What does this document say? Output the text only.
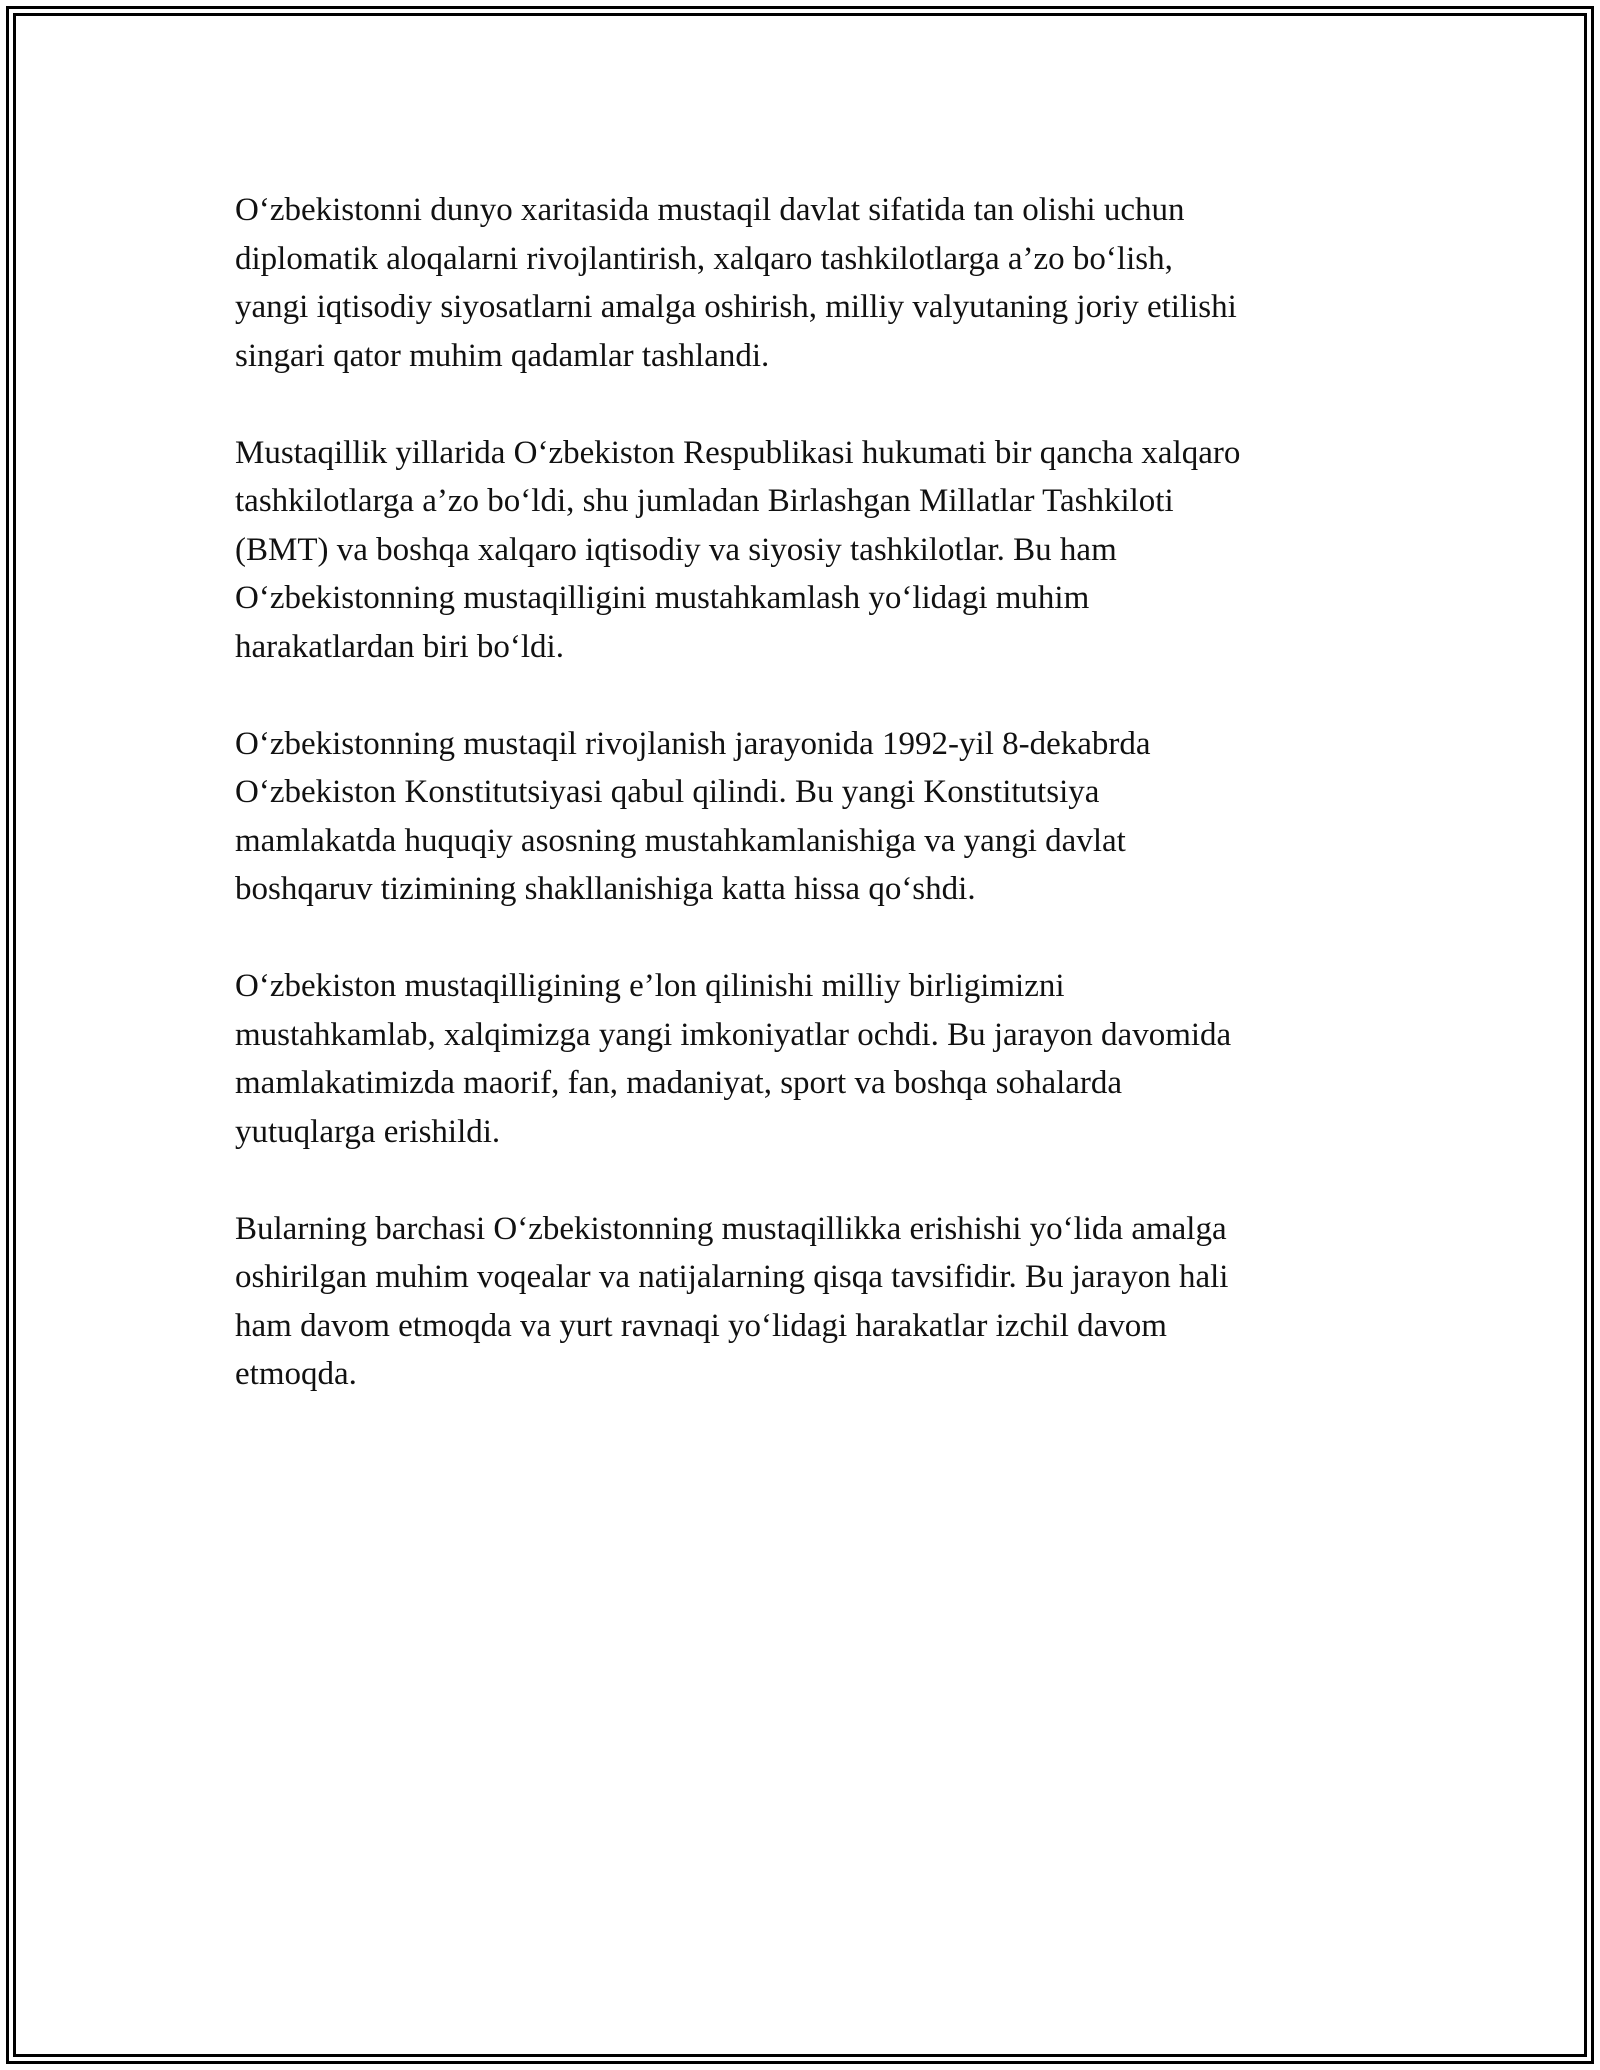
O‘zbekistonni dunyo xaritasida mustaqil davlat sifatida tan olishi uchun
diplomatik aloqalarni rivojlantirish, xalqaro tashkilotlarga a’zo bo‘lish,
yangi iqtisodiy siyosatlarni amalga oshirish, milliy valyutaning joriy etilishi
singari qator muhim qadamlar tashlandi.

Mustaqillik yillarida O‘zbekiston Respublikasi hukumati bir qancha xalqaro
tashkilotlarga a’zo bo‘ldi, shu jumladan Birlashgan Millatlar Tashkiloti
(BMT) va boshqa xalqaro iqtisodiy va siyosiy tashkilotlar. Bu ham
O‘zbekistonning mustaqilligini mustahkamlash yo‘lidagi muhim
harakatlardan biri bo‘ldi.

O‘zbekistonning mustaqil rivojlanish jarayonida 1992-yil 8-dekabrda
O‘zbekiston Konstitutsiyasi qabul qilindi. Bu yangi Konstitutsiya
mamlakatda huquqiy asosning mustahkamlanishiga va yangi davlat
boshqaruv tizimining shakllanishiga katta hissa qo‘shdi.

O‘zbekiston mustaqilligining e’lon qilinishi milliy birligimizni
mustahkamlab, xalqimizga yangi imkoniyatlar ochdi. Bu jarayon davomida
mamlakatimizda maorif, fan, madaniyat, sport va boshqa sohalarda
yutuqlarga erishildi.

Bularning barchasi O‘zbekistonning mustaqillikka erishishi yo‘lida amalga
oshirilgan muhim voqealar va natijalarning qisqa tavsifidir. Bu jarayon hali
ham davom etmoqda va yurt ravnaqi yo‘lidagi harakatlar izchil davom
etmoqda.
